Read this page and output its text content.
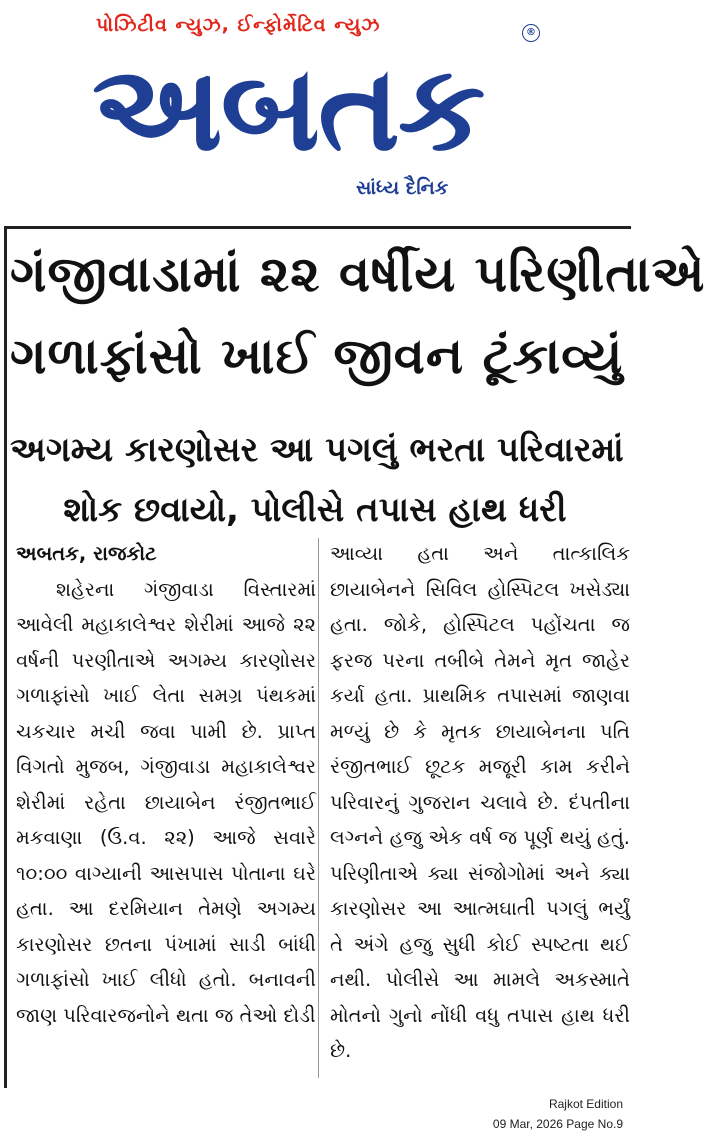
પોઝિટીવ ન્યુઝ, ઈન્ફોર્મેટિવ ન્યુઝ	®
અબતક
સાંધ્ય દૈનિક
ગંજીવાડામાં ૨૨ વર્ષીય પરિણીતાએ
ગળાફાંસો ખાઈ જીવન ટૂંકાવ્યું
અગમ્ય કારણોસર આ પગલું ભરતા પરિવારમાં
શોક છવાયો, પોલીસે તપાસ હાથ ધરી

અબતક, રાજકોટ

શહેરના ગંજીવાડા વિસ્તારમાં આવેલી મહાકાલેશ્વર શેરીમાં આજે ૨૨ વર્ષની પરણીતાએ અગમ્ય કારણોસર ગળાફાંસો ખાઈ લેતા સમગ્ર પંથકમાં ચકચાર મચી જવા પામી છે. પ્રાપ્ત વિગતો મુજબ, ગંજીવાડા મહાકાલેશ્વર શેરીમાં રહેતા છાયાબેન રંજીતભાઈ મકવાણા (ઉ.વ. ૨૨) આજે સવારે ૧૦:૦૦ વાગ્યાની આસપાસ પોતાના ઘરે હતા. આ દરમિયાન તેમણે અગમ્ય કારણોસર છતના પંખામાં સાડી બાંધી ગળાફાંસો ખાઈ લીધો હતો. બનાવની જાણ પરિવારજનોને થતા જ તેઓ દોડી

આવ્યા હતા અને તાત્કાલિક છાયાબેનને સિવિલ હોસ્પિટલ ખસેડ્યા હતા. જોકે, હોસ્પિટલ પહોંચતા જ ફરજ પરના તબીબે તેમને મૃત જાહેર કર્યા હતા. પ્રાથમિક તપાસમાં જાણવા મળ્યું છે કે મૃતક છાયાબેનના પતિ રંજીતભાઈ છૂટક મજૂરી કામ કરીને પરિવારનું ગુજરાન ચલાવે છે. દંપતીના લગ્નને હજુ એક વર્ષ જ પૂર્ણ થયું હતું. પરિણીતાએ ક્યા સંજોગોમાં અને ક્યા કારણોસર આ આત્મઘાતી પગલું ભર્યું તે અંગે હજુ સુધી કોઈ સ્પષ્ટતા થઈ નથી. પોલીસે આ મામલે અકસ્માતે મોતનો ગુનો નોંધી વધુ તપાસ હાથ ધરી છે.

Rajkot Edition
09 Mar, 2026 Page No.9
